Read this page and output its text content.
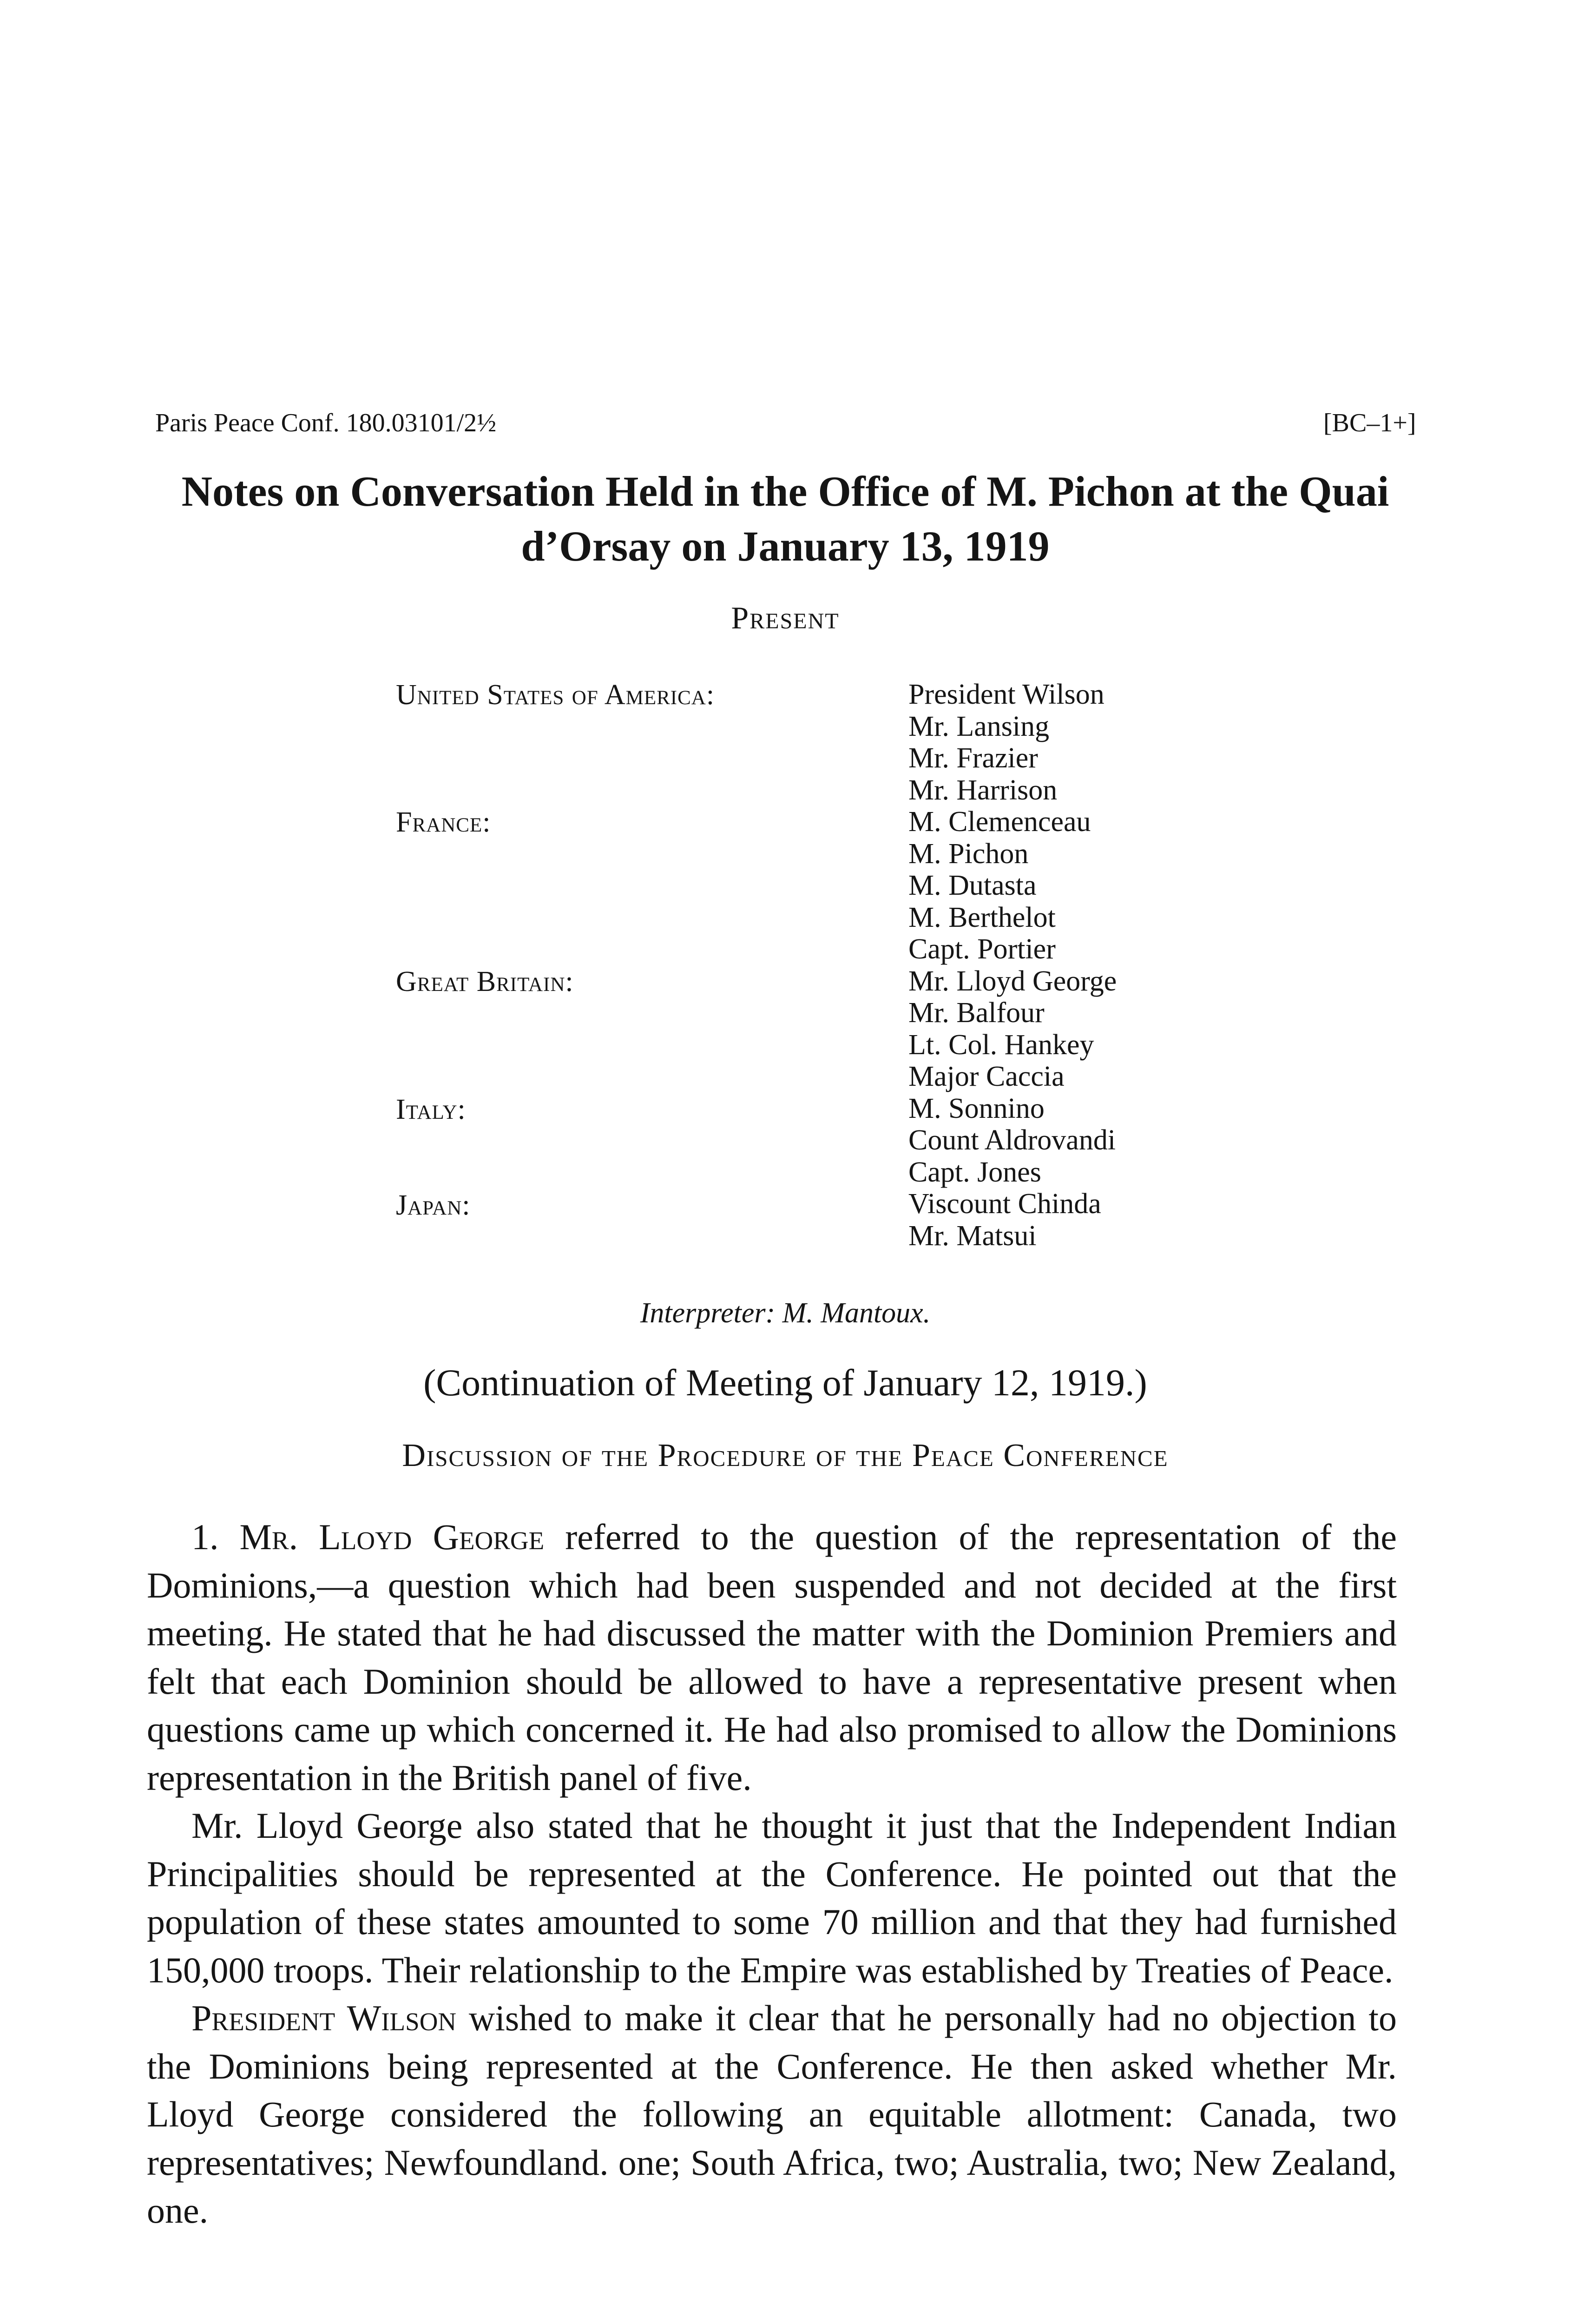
Paris Peace Conf. 180.03101/2½	[BC–1+]
Notes on Conversation Held in the Office of M. Pichon at the Quai
d’Orsay on January 13, 1919
Present
United States of America:
France:
Great Britain:
Italy:
Japan:
President Wilson
Mr. Lansing
Mr. Frazier
Mr. Harrison
M. Clemenceau
M. Pichon
M. Dutasta
M. Berthelot
Capt. Portier
Mr. Lloyd George
Mr. Balfour
Lt. Col. Hankey
Major Caccia
M. Sonnino
Count Aldrovandi
Capt. Jones
Viscount Chinda
Mr. Matsui
Interpreter: M. Mantoux.
(Continuation of Meeting of January 12, 1919.)
Discussion of the Procedure of the Peace Conference

1. Mr. Lloyd George referred to the question of the representation of the Dominions,—a question which had been suspended and not decided at the first meeting. He stated that he had discussed the matter with the Dominion Premiers and felt that each Dominion should be allowed to have a representative present when questions came up which concerned it. He had also promised to allow the Dominions representation in the British panel of five.

Mr. Lloyd George also stated that he thought it just that the Independent Indian Principalities should be represented at the Conference. He pointed out that the population of these states amounted to some 70 million and that they had furnished 150,000 troops. Their relationship to the Empire was established by Treaties of Peace.

President Wilson wished to make it clear that he personally had no objection to the Dominions being represented at the Conference. He then asked whether Mr. Lloyd George considered the following an equitable allotment: Canada, two representatives; Newfoundland. one; South Africa, two; Australia, two; New Zealand, one.
